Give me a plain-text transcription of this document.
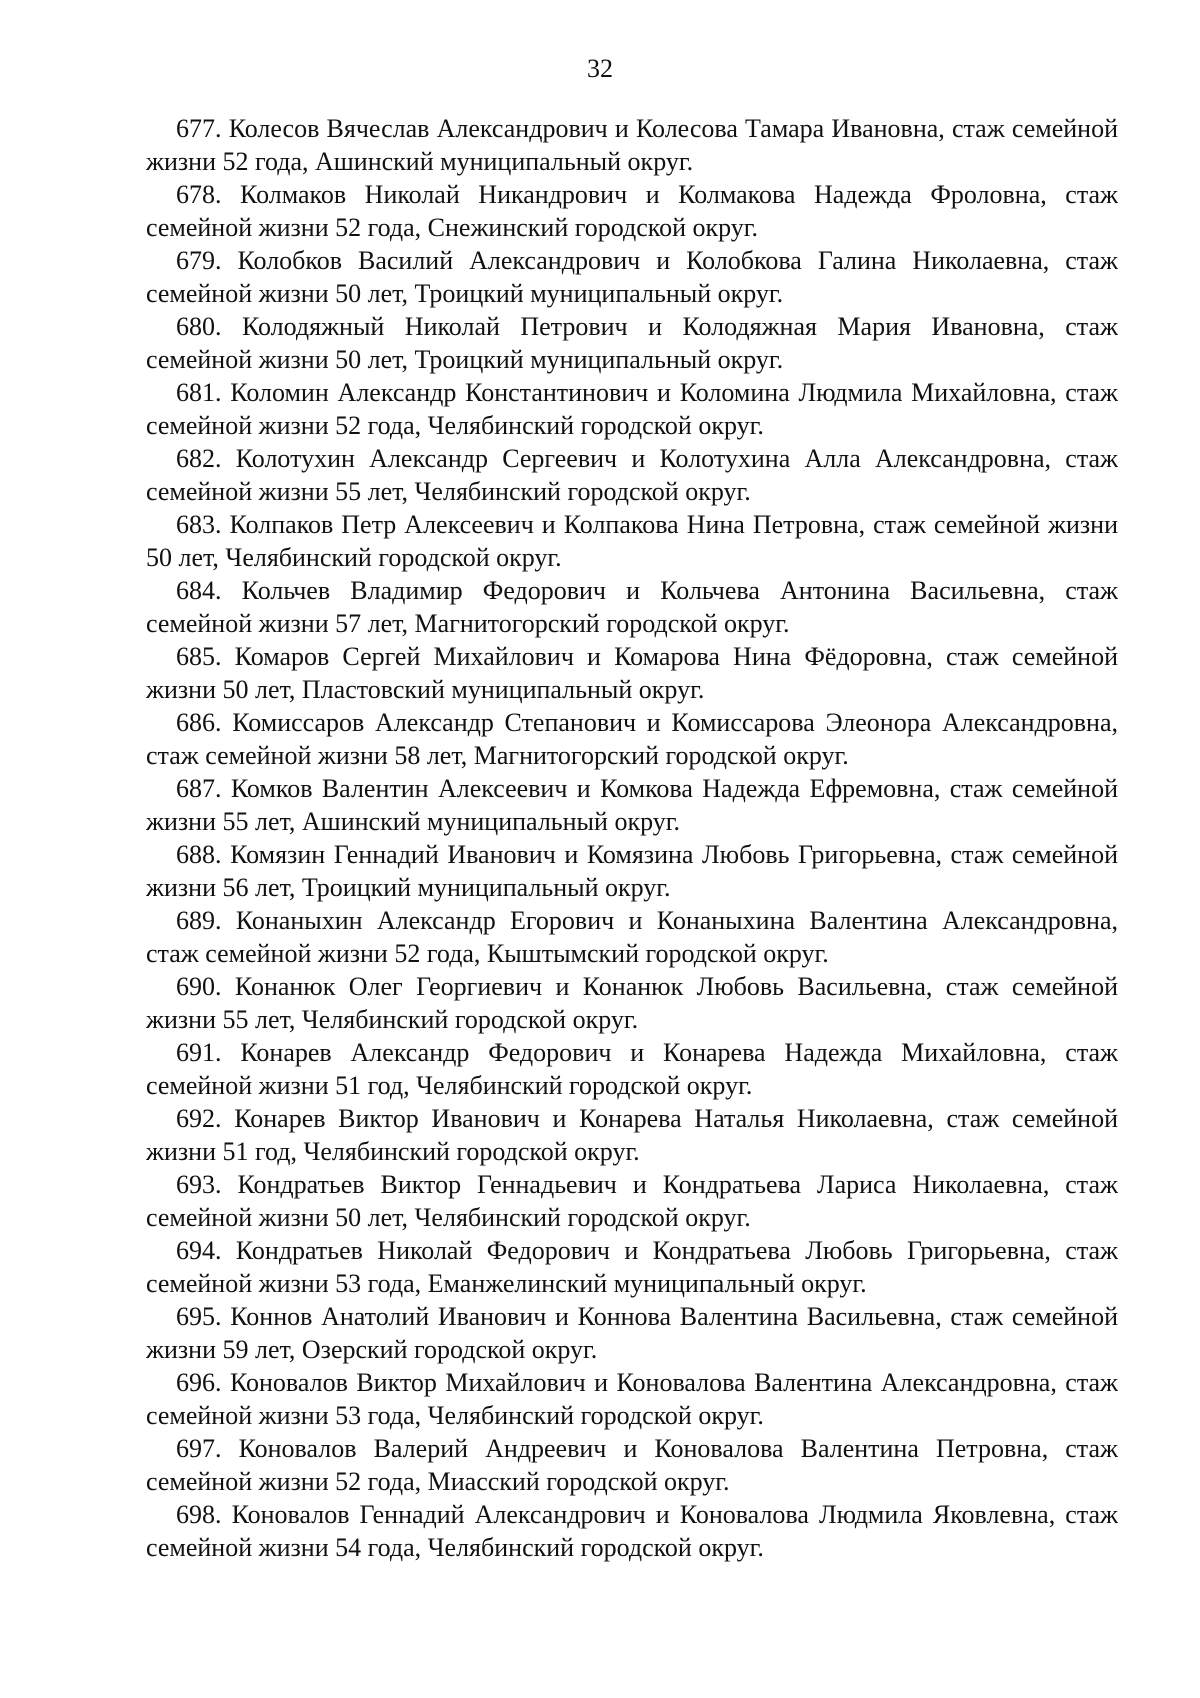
32

677. Колесов Вячеслав Александрович и Колесова Тамара Ивановна, стаж семейной жизни 52 года, Ашинский муниципальный округ.

678. Колмаков Николай Никандрович и Колмакова Надежда Фроловна, стаж семейной жизни 52 года, Снежинский городской округ.

679. Колобков Василий Александрович и Колобкова Галина Николаевна, стаж семейной жизни 50 лет, Троицкий муниципальный округ.

680. Колодяжный Николай Петрович и Колодяжная Мария Ивановна, стаж семейной жизни 50 лет, Троицкий муниципальный округ.

681. Коломин Александр Константинович и Коломина Людмила Михайловна, стаж семейной жизни 52 года, Челябинский городской округ.

682. Колотухин Александр Сергеевич и Колотухина Алла Александровна, стаж семейной жизни 55 лет, Челябинский городской округ.

683. Колпаков Петр Алексеевич и Колпакова Нина Петровна, стаж семейной жизни 50 лет, Челябинский городской округ.

684. Кольчев Владимир Федорович и Кольчева Антонина Васильевна, стаж семейной жизни 57 лет, Магнитогорский городской округ.

685. Комаров Сергей Михайлович и Комарова Нина Фёдоровна, стаж семейной жизни 50 лет, Пластовский муниципальный округ.

686. Комиссаров Александр Степанович и Комиссарова Элеонора Александровна, стаж семейной жизни 58 лет, Магнитогорский городской округ.

687. Комков Валентин Алексеевич и Комкова Надежда Ефремовна, стаж семейной жизни 55 лет, Ашинский муниципальный округ.

688. Комязин Геннадий Иванович и Комязина Любовь Григорьевна, стаж семейной жизни 56 лет, Троицкий муниципальный округ.

689. Конаныхин Александр Егорович и Конаныхина Валентина Александровна, стаж семейной жизни 52 года, Кыштымский городской округ.

690. Конанюк Олег Георгиевич и Конанюк Любовь Васильевна, стаж семейной жизни 55 лет, Челябинский городской округ.

691. Конарев Александр Федорович и Конарева Надежда Михайловна, стаж семейной жизни 51 год, Челябинский городской округ.

692. Конарев Виктор Иванович и Конарева Наталья Николаевна, стаж семейной жизни 51 год, Челябинский городской округ.

693. Кондратьев Виктор Геннадьевич и Кондратьева Лариса Николаевна, стаж семейной жизни 50 лет, Челябинский городской округ.

694. Кондратьев Николай Федорович и Кондратьева Любовь Григорьевна, стаж семейной жизни 53 года, Еманжелинский муниципальный округ.

695. Коннов Анатолий Иванович и Коннова Валентина Васильевна, стаж семейной жизни 59 лет, Озерский городской округ.

696. Коновалов Виктор Михайлович и Коновалова Валентина Александровна, стаж семейной жизни 53 года, Челябинский городской округ.

697. Коновалов Валерий Андреевич и Коновалова Валентина Петровна, стаж семейной жизни 52 года, Миасский городской округ.

698. Коновалов Геннадий Александрович и Коновалова Людмила Яковлевна, стаж семейной жизни 54 года, Челябинский городской округ.
